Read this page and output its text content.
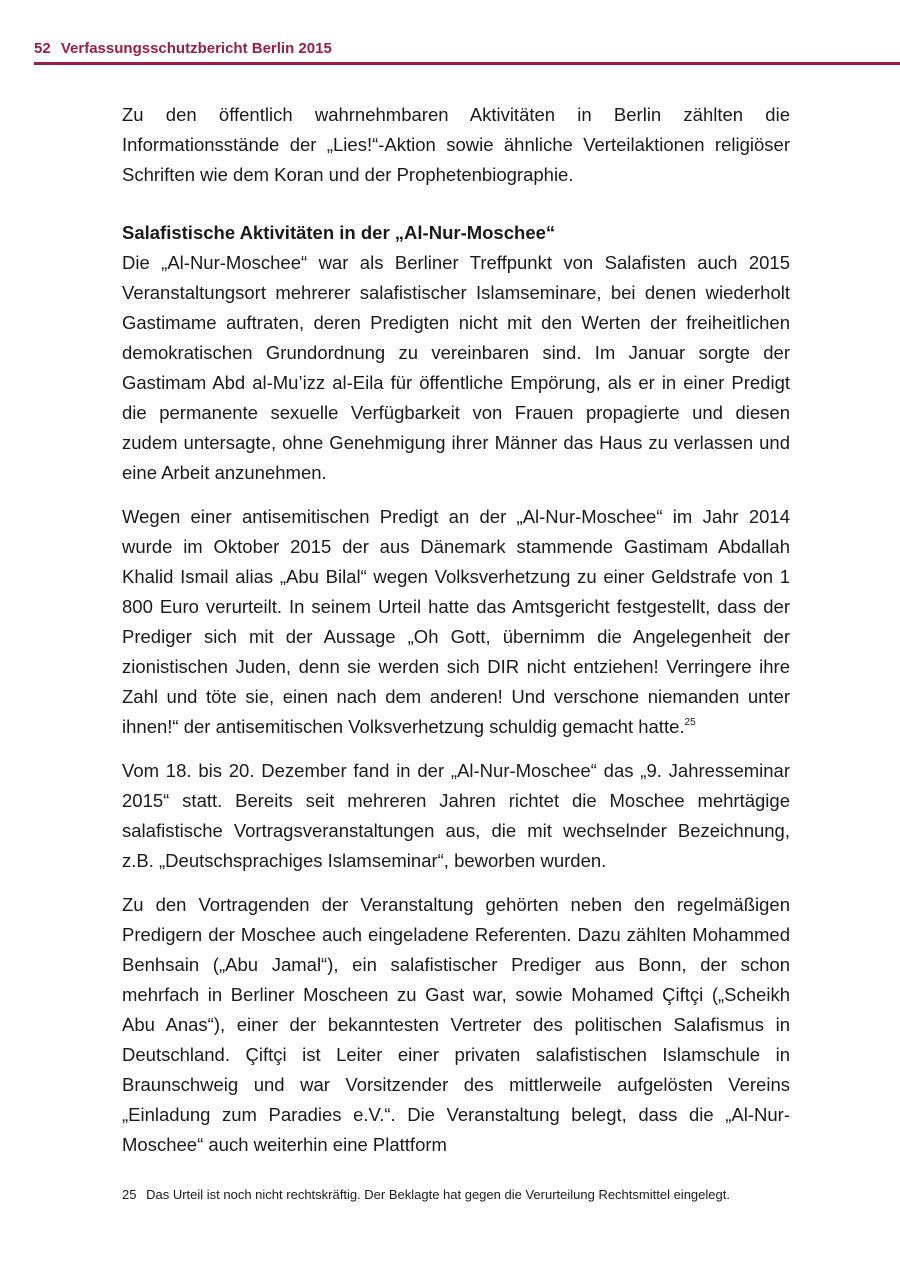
52 Verfassungsschutzbericht Berlin 2015

Zu den öffentlich wahrnehmbaren Aktivitäten in Berlin zählten die Informationsstände der „Lies!“-Aktion sowie ähnliche Verteilaktionen religiöser Schriften wie dem Koran und der Prophetenbiographie.

Salafistische Aktivitäten in der „Al-Nur-Moschee“

Die „Al-Nur-Moschee“ war als Berliner Treffpunkt von Salafisten auch 2015 Veranstaltungsort mehrerer salafistischer Islamseminare, bei denen wiederholt Gastimame auftraten, deren Predigten nicht mit den Werten der freiheitlichen demokratischen Grundordnung zu vereinbaren sind. Im Januar sorgte der Gastimam Abd al-Mu’izz al-Eila für öffentliche Empörung, als er in einer Predigt die permanente sexuelle Verfügbarkeit von Frauen propagierte und diesen zudem untersagte, ohne Genehmigung ihrer Männer das Haus zu verlassen und eine Arbeit anzunehmen.

Wegen einer antisemitischen Predigt an der „Al-Nur-Moschee“ im Jahr 2014 wurde im Oktober 2015 der aus Dänemark stammende Gastimam Abdallah Khalid Ismail alias „Abu Bilal“ wegen Volksverhetzung zu einer Geldstrafe von 1 800 Euro verurteilt. In seinem Urteil hatte das Amtsgericht festgestellt, dass der Prediger sich mit der Aussage „Oh Gott, übernimm die Angelegenheit der zionistischen Juden, denn sie werden sich DIR nicht entziehen! Verringere ihre Zahl und töte sie, einen nach dem anderen! Und verschone niemanden unter ihnen!“ der antisemitischen Volksverhetzung schuldig gemacht hatte.$^{25}$

Vom 18. bis 20. Dezember fand in der „Al-Nur-Moschee“ das „9. Jahresseminar 2015“ statt. Bereits seit mehreren Jahren richtet die Moschee mehrtägige salafistische Vortragsveranstaltungen aus, die mit wechselnder Bezeichnung, z.B. „Deutschsprachiges Islamseminar“, beworben wurden.

Zu den Vortragenden der Veranstaltung gehörten neben den regelmäßigen Predigern der Moschee auch eingeladene Referenten. Dazu zählten Mohammed Benhsain („Abu Jamal“), ein salafistischer Prediger aus Bonn, der schon mehrfach in Berliner Moscheen zu Gast war, sowie Mohamed Çiftçi („Scheikh Abu Anas“), einer der bekanntesten Vertreter des politischen Salafismus in Deutschland. Çiftçi ist Leiter einer privaten salafistischen Islamschule in Braunschweig und war Vorsitzender des mittlerweile aufgelösten Vereins „Einladung zum Paradies e.V.“. Die Veranstaltung belegt, dass die „Al-Nur-Moschee“ auch weiterhin eine Plattform

25 Das Urteil ist noch nicht rechtskräftig. Der Beklagte hat gegen die Verurteilung Rechtsmittel eingelegt.
